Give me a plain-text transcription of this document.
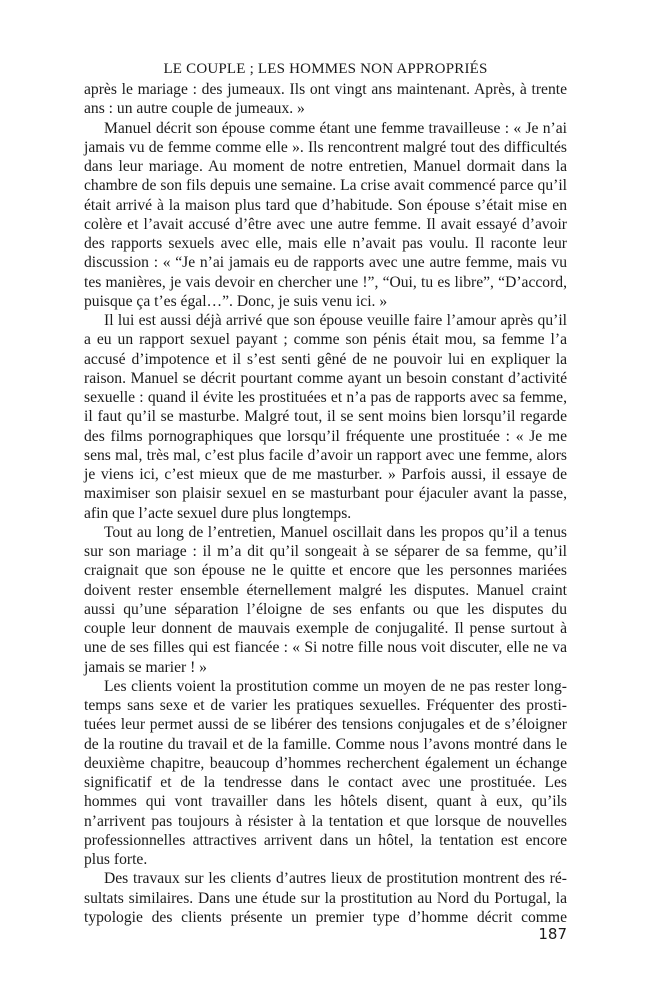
LE COUPLE ; LES HOMMES NON APPROPRIÉS
après le mariage : des jumeaux. Ils ont vingt ans maintenant. Après, à trente
ans : un autre couple de jumeaux. »
Manuel décrit son épouse comme étant une femme travailleuse : « Je n’ai
jamais vu de femme comme elle ». Ils rencontrent malgré tout des difficultés
dans leur mariage. Au moment de notre entretien, Manuel dormait dans la
chambre de son fils depuis une semaine. La crise avait commencé parce qu’il
était arrivé à la maison plus tard que d’habitude. Son épouse s’était mise en
colère et l’avait accusé d’être avec une autre femme. Il avait essayé d’avoir
des rapports sexuels avec elle, mais elle n’avait pas voulu. Il raconte leur
discussion : « “Je n’ai jamais eu de rapports avec une autre femme, mais vu
tes manières, je vais devoir en chercher une !”, “Oui, tu es libre”, “D’accord,
puisque ça t’es égal…”. Donc, je suis venu ici. »
Il lui est aussi déjà arrivé que son épouse veuille faire l’amour après qu’il
a eu un rapport sexuel payant ; comme son pénis était mou, sa femme l’a
accusé d’impotence et il s’est senti gêné de ne pouvoir lui en expliquer la
raison. Manuel se décrit pourtant comme ayant un besoin constant d’activité
sexuelle : quand il évite les prostituées et n’a pas de rapports avec sa femme,
il faut qu’il se masturbe. Malgré tout, il se sent moins bien lorsqu’il regarde
des films pornographiques que lorsqu’il fréquente une prostituée : « Je me
sens mal, très mal, c’est plus facile d’avoir un rapport avec une femme, alors
je viens ici, c’est mieux que de me masturber. » Parfois aussi, il essaye de
maximiser son plaisir sexuel en se masturbant pour éjaculer avant la passe,
afin que l’acte sexuel dure plus longtemps.
Tout au long de l’entretien, Manuel oscillait dans les propos qu’il a tenus
sur son mariage : il m’a dit qu’il songeait à se séparer de sa femme, qu’il
craignait que son épouse ne le quitte et encore que les personnes mariées
doivent rester ensemble éternellement malgré les disputes. Manuel craint
aussi qu’une séparation l’éloigne de ses enfants ou que les disputes du
couple leur donnent de mauvais exemple de conjugalité. Il pense surtout à
une de ses filles qui est fiancée : « Si notre fille nous voit discuter, elle ne va
jamais se marier ! »
Les clients voient la prostitution comme un moyen de ne pas rester long-
temps sans sexe et de varier les pratiques sexuelles. Fréquenter des prosti-
tuées leur permet aussi de se libérer des tensions conjugales et de s’éloigner
de la routine du travail et de la famille. Comme nous l’avons montré dans le
deuxième chapitre, beaucoup d’hommes recherchent également un échange
significatif et de la tendresse dans le contact avec une prostituée. Les
hommes qui vont travailler dans les hôtels disent, quant à eux, qu’ils
n’arrivent pas toujours à résister à la tentation et que lorsque de nouvelles
professionnelles attractives arrivent dans un hôtel, la tentation est encore
plus forte.
Des travaux sur les clients d’autres lieux de prostitution montrent des ré-
sultats similaires. Dans une étude sur la prostitution au Nord du Portugal, la
typologie des clients présente un premier type d’homme décrit comme
187
